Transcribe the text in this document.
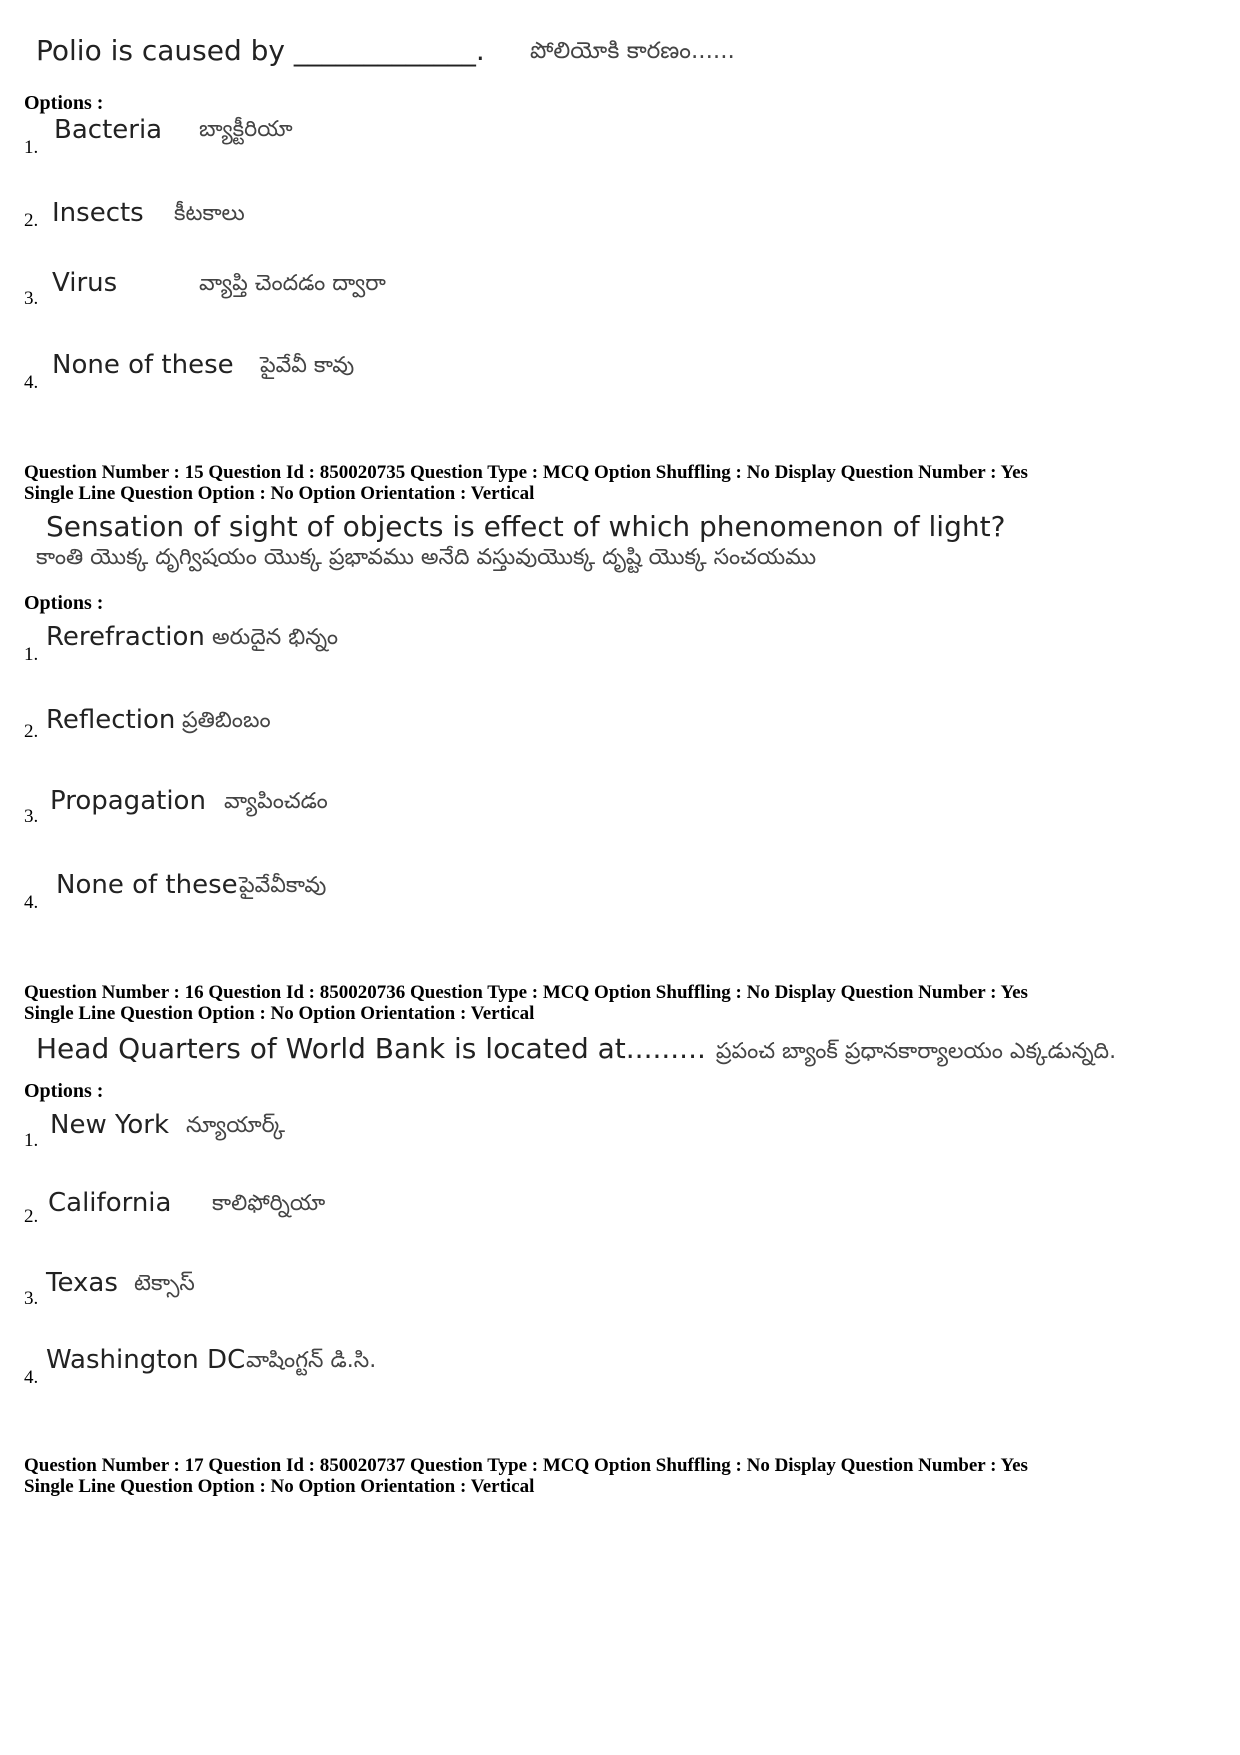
Polio is caused by _____________. పోలియోకి కారణం......
Options :
1.
Bacteria బ్యాక్టీరియా
2. Insects కీటకాలు
3.
Virus	వ్యాప్తి చెందడం ద్వారా
4.
None of these పైవేవీ కావు
Question Number : 15 Question Id : 850020735 Question Type : MCQ Option Shuffling : No Display Question Number : Yes
Single Line Question Option : No Option Orientation : Vertical
Sensation of sight of objects is effect of which phenomenon of light?
కాంతి యొక్క దృగ్విషయం యొక్క ప్రభావము అనేది వస్తువుయొక్క దృష్టి యొక్క సంచయము
Options :
1.
Rerefraction అరుదైన భిన్నం
2. Reflection ప్రతిబింబం
3.
Propagation వ్యాపించడం
4.
None of these పైవేవీకావు
Question Number : 16 Question Id : 850020736 Question Type : MCQ Option Shuffling : No Display Question Number : Yes
Single Line Question Option : No Option Orientation : Vertical
Head Quarters of World Bank is located at......... ప్రపంచ బ్యాంక్ ప్రధానకార్యాలయం ఎక్కడున్నది.
Options :
1.
New York న్యూయార్క్
2. California కాలిఫోర్నియా
3.
Texas టెక్సాస్
4.
Washington DC వాషింగ్టన్ డి.సి.
Question Number : 17 Question Id : 850020737 Question Type : MCQ Option Shuffling : No Display Question Number : Yes
Single Line Question Option : No Option Orientation : Vertical
